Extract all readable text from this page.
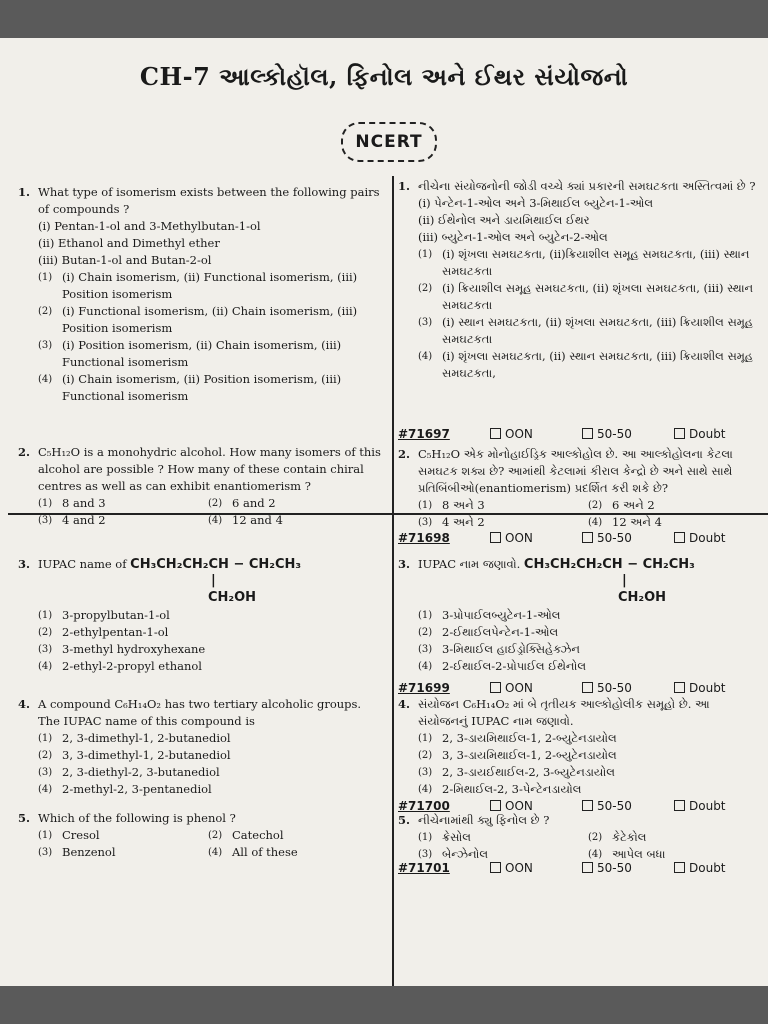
CH-7 આલ્કોહૉલ, ફિનોલ અને ઈથર સંયોજનો
NCERT
1. What type of isomerism exists between the following pairs of compounds ?
(i) Pentan-1-ol and 3-Methylbutan-1-ol
(ii) Ethanol and Dimethyl ether
(iii) Butan-1-ol and Butan-2-ol
(1) (i) Chain isomerism, (ii) Functional isomerism, (iii) Position isomerism
(2) (i) Functional isomerism, (ii) Chain isomerism, (iii) Position isomerism
(3) (i) Position isomerism, (ii) Chain isomerism, (iii) Functional isomerism
(4) (i) Chain isomerism, (ii) Position isomerism, (iii) Functional isomerism
2. C₅H₁₂O is a monohydric alcohol. How many isomers of this alcohol are possible ? How many of these contain chiral centres as well as can exhibit enantiomerism ?
(1) 8 and 3	(2) 6 and 2
(3) 4 and 2	(4) 12 and 4
3. IUPAC name of CH₃CH₂CH₂CH − CH₂CH₃
|
CH₂OH
(1) 3-propylbutan-1-ol
(2) 2-ethylpentan-1-ol
(3) 3-methyl hydroxyhexane
(4) 2-ethyl-2-propyl ethanol
4. A compound C₆H₁₄O₂ has two tertiary alcoholic groups. The IUPAC name of this compound is
(1) 2, 3-dimethyl-1, 2-butanediol
(2) 3, 3-dimethyl-1, 2-butanediol
(3) 2, 3-diethyl-2, 3-butanediol
(4) 2-methyl-2, 3-pentanediol
5. Which of the following is phenol ?
(1) Cresol	(2) Catechol
(3) Benzenol	(4) All of these
1. નીચેના સંયોજનોની જોડી વચ્ચે ક્યાં પ્રકારની સમઘટકતા અસ્તિત્વમાં છે ?
(i) પેન્ટેન-1-ઓલ અને 3-મિથાઈલ બ્યુટેન-1-ઓલ
(ii) ઈથેનોલ અને ડાયમિથાઈલ ઈથર
(iii) બ્યુટેન-1-ઓલ અને બ્યુટેન-2-ઓલ
(1) (i) શૃંખલા સમઘટકતા, (ii)ક્રિયાશીલ સમૂહ સમઘટકતા, (iii) સ્થાન સમઘટકતા
(2) (i) ક્રિયાશીલ સમૂહ સમઘટકતા, (ii) શૃંખલા સમઘટકતા, (iii) સ્થાન સમઘટકતા
(3) (i) સ્થાન સમઘટકતા, (ii) શૃંખલા સમઘટકતા, (iii) ક્રિયાશીલ સમૂહ સમઘટકતા
(4) (i) શૃંખલા સમઘટકતા, (ii) સ્થાન સમઘટકતા, (iii) ક્રિયાશીલ સમૂહ સમઘટકતા,
#71697	OON	50-50	Doubt
2. C₅H₁₂O એક મોનોહાઈડ્રિક આલ્કોહોલ છે. આ આલ્કોહોલના કેટલા સમઘટક શક્ય છે? આમાંથી કેટલામાં કીરાલ કેન્દ્રો છે અને સાથે સાથે પ્રતિબિંબીઓ(enantiomerism) પ્રદર્શિત કરી શકે છે?
(1) 8 અને 3	(2) 6 અને 2
(3) 4 અને 2	(4) 12 અને 4
#71698	OON	50-50	Doubt
3. IUPAC નામ જણાવો. CH₃CH₂CH₂CH − CH₂CH₃
|
CH₂OH
(1) 3-પ્રોપાઈલબ્યુટેન-1-ઓલ
(2) 2-ઈથાઈલપેન્ટેન-1-ઓલ
(3) 3-મિથાઈલ હાઈડ્રોક્સિહેક્ઝેન
(4) 2-ઈથાઈલ-2-પ્રોપાઈલ ઈથેનોલ
#71699	OON	50-50	Doubt
4. સંયોજન C₆H₁₄O₂ માં બે તૃતીયક આલ્કોહોલીક સમૂહો છે. આ સંયોજનનું IUPAC નામ જણાવો.
(1) 2, 3-ડાયમિથાઈલ-1, 2-બ્યુટેનડાયોલ
(2) 3, 3-ડાયમિથાઈલ-1, 2-બ્યુટેનડાયોલ
(3) 2, 3-ડાયઈથાઈલ-2, 3-બ્યુટેનડાયોલ
(4) 2-મિથાઈલ-2, 3-પેન્ટેનડાયોલ
#71700	OON	50-50	Doubt
5. નીચેનામાંથી ક્યુ ફિનોલ છે ?
(1) ક્રેસોલ	(2) કેટેકોલ
(3) બેન્ઝેનોલ	(4) આપેલ બધા
#71701	OON	50-50	Doubt
